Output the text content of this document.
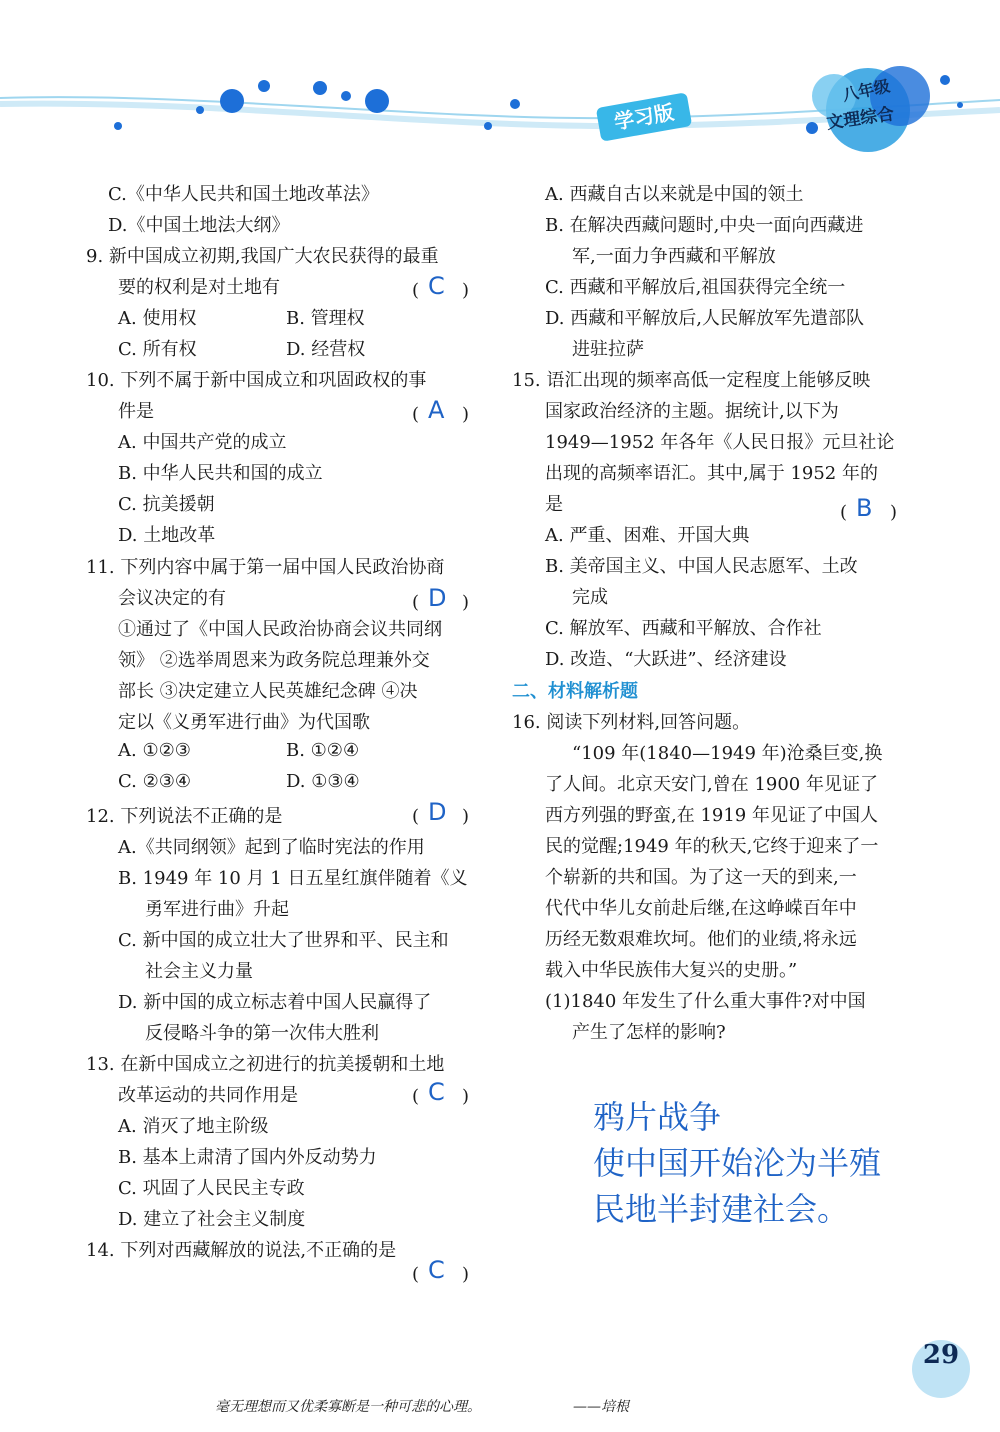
学习版
八年级
文理综合
C.《中华人民共和国土地改革法》
D.《中国土地法大纲》
9. 新中国成立初期,我国广大农民获得的最重
要的权利是对土地有
A. 使用权	B. 管理权
C. 所有权	D. 经营权
10. 下列不属于新中国成立和巩固政权的事
件是
A. 中国共产党的成立
B. 中华人民共和国的成立
C. 抗美援朝
D. 土地改革
11. 下列内容中属于第一届中国人民政治协商
会议决定的有
①通过了《中国人民政治协商会议共同纲
领》 ②选举周恩来为政务院总理兼外交
部长 ③决定建立人民英雄纪念碑 ④决
定以《义勇军进行曲》为代国歌
A. ①②③	B. ①②④
C. ②③④	D. ①③④
12. 下列说法不正确的是
A.《共同纲领》起到了临时宪法的作用
B. 1949 年 10 月 1 日五星红旗伴随着《义
勇军进行曲》升起
C. 新中国的成立壮大了世界和平、民主和
社会主义力量
D. 新中国的成立标志着中国人民赢得了
反侵略斗争的第一次伟大胜利
13. 在新中国成立之初进行的抗美援朝和土地
改革运动的共同作用是
A. 消灭了地主阶级
B. 基本上肃清了国内外反动势力
C. 巩固了人民民主专政
D. 建立了社会主义制度
14. 下列对西藏解放的说法,不正确的是
A. 西藏自古以来就是中国的领土
B. 在解决西藏问题时,中央一面向西藏进
军,一面力争西藏和平解放
C. 西藏和平解放后,祖国获得完全统一
D. 西藏和平解放后,人民解放军先遣部队
进驻拉萨
15. 语汇出现的频率高低一定程度上能够反映
国家政治经济的主题。据统计,以下为
1949—1952 年各年《人民日报》元旦社论
出现的高频率语汇。其中,属于 1952 年的
是
A. 严重、困难、开国大典
B. 美帝国主义、中国人民志愿军、土改
完成
C. 解放军、西藏和平解放、合作社
D. 改造、“大跃进”、经济建设
二、材料解析题
16. 阅读下列材料,回答问题。
“109 年(1840—1949 年)沧桑巨变,换
了人间。北京天安门,曾在 1900 年见证了
西方列强的野蛮,在 1919 年见证了中国人
民的觉醒;1949 年的秋天,它终于迎来了一
个崭新的共和国。为了这一天的到来,一
代代中华儿女前赴后继,在这峥嵘百年中
历经无数艰难坎坷。他们的业绩,将永远
载入中华民族伟大复兴的史册。”
(1)1840 年发生了什么重大事件?对中国
产生了怎样的影响?
鸦片战争
使中国开始沦为半殖
民地半封建社会。
毫无理想而又优柔寡断是一种可悲的心理。	——培根
29
( C )
( A )
( D )
( D )
( C )
( C )
( B )
